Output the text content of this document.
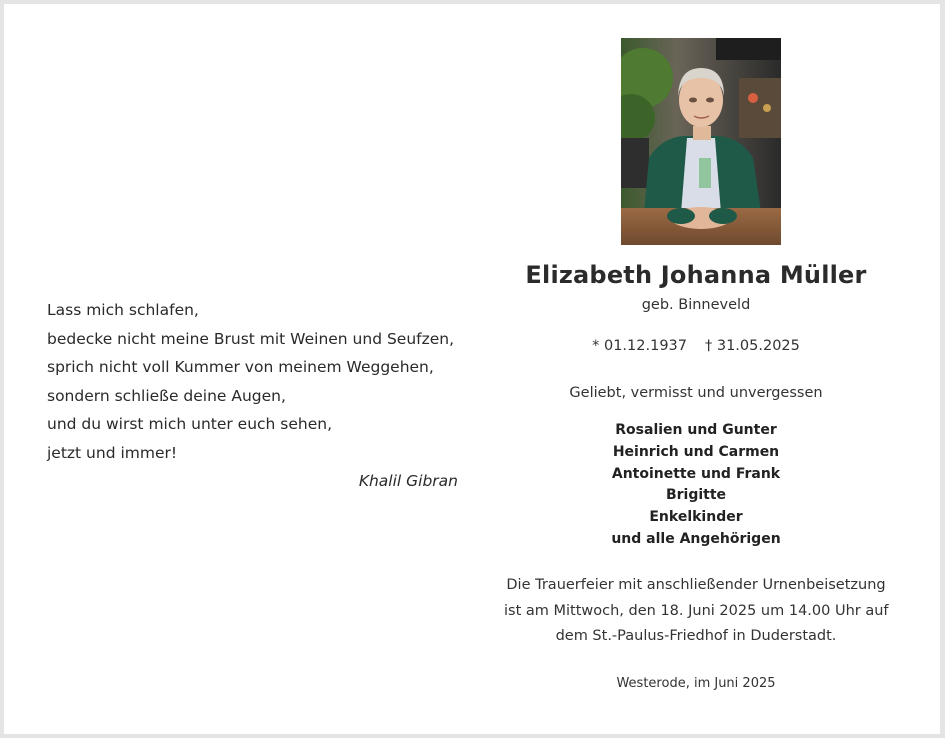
Lass mich schlafen,
bedecke nicht meine Brust mit Weinen und Seufzen,
sprich nicht voll Kummer von meinem Weggehen,
sondern schließe deine Augen,
und du wirst mich unter euch sehen,
jetzt und immer!
Khalil Gibran
Elizabeth Johanna Müller
geb. Binneveld
* 01.12.1937 † 31.05.2025
Geliebt, vermisst und unvergessen
Rosalien und Gunter
Heinrich und Carmen
Antoinette und Frank
Brigitte
Enkelkinder
und alle Angehörigen
Die Trauerfeier mit anschließender Urnenbeisetzung
ist am Mittwoch, den 18. Juni 2025 um 14.00 Uhr auf
dem St.-Paulus-Friedhof in Duderstadt.
Westerode, im Juni 2025
